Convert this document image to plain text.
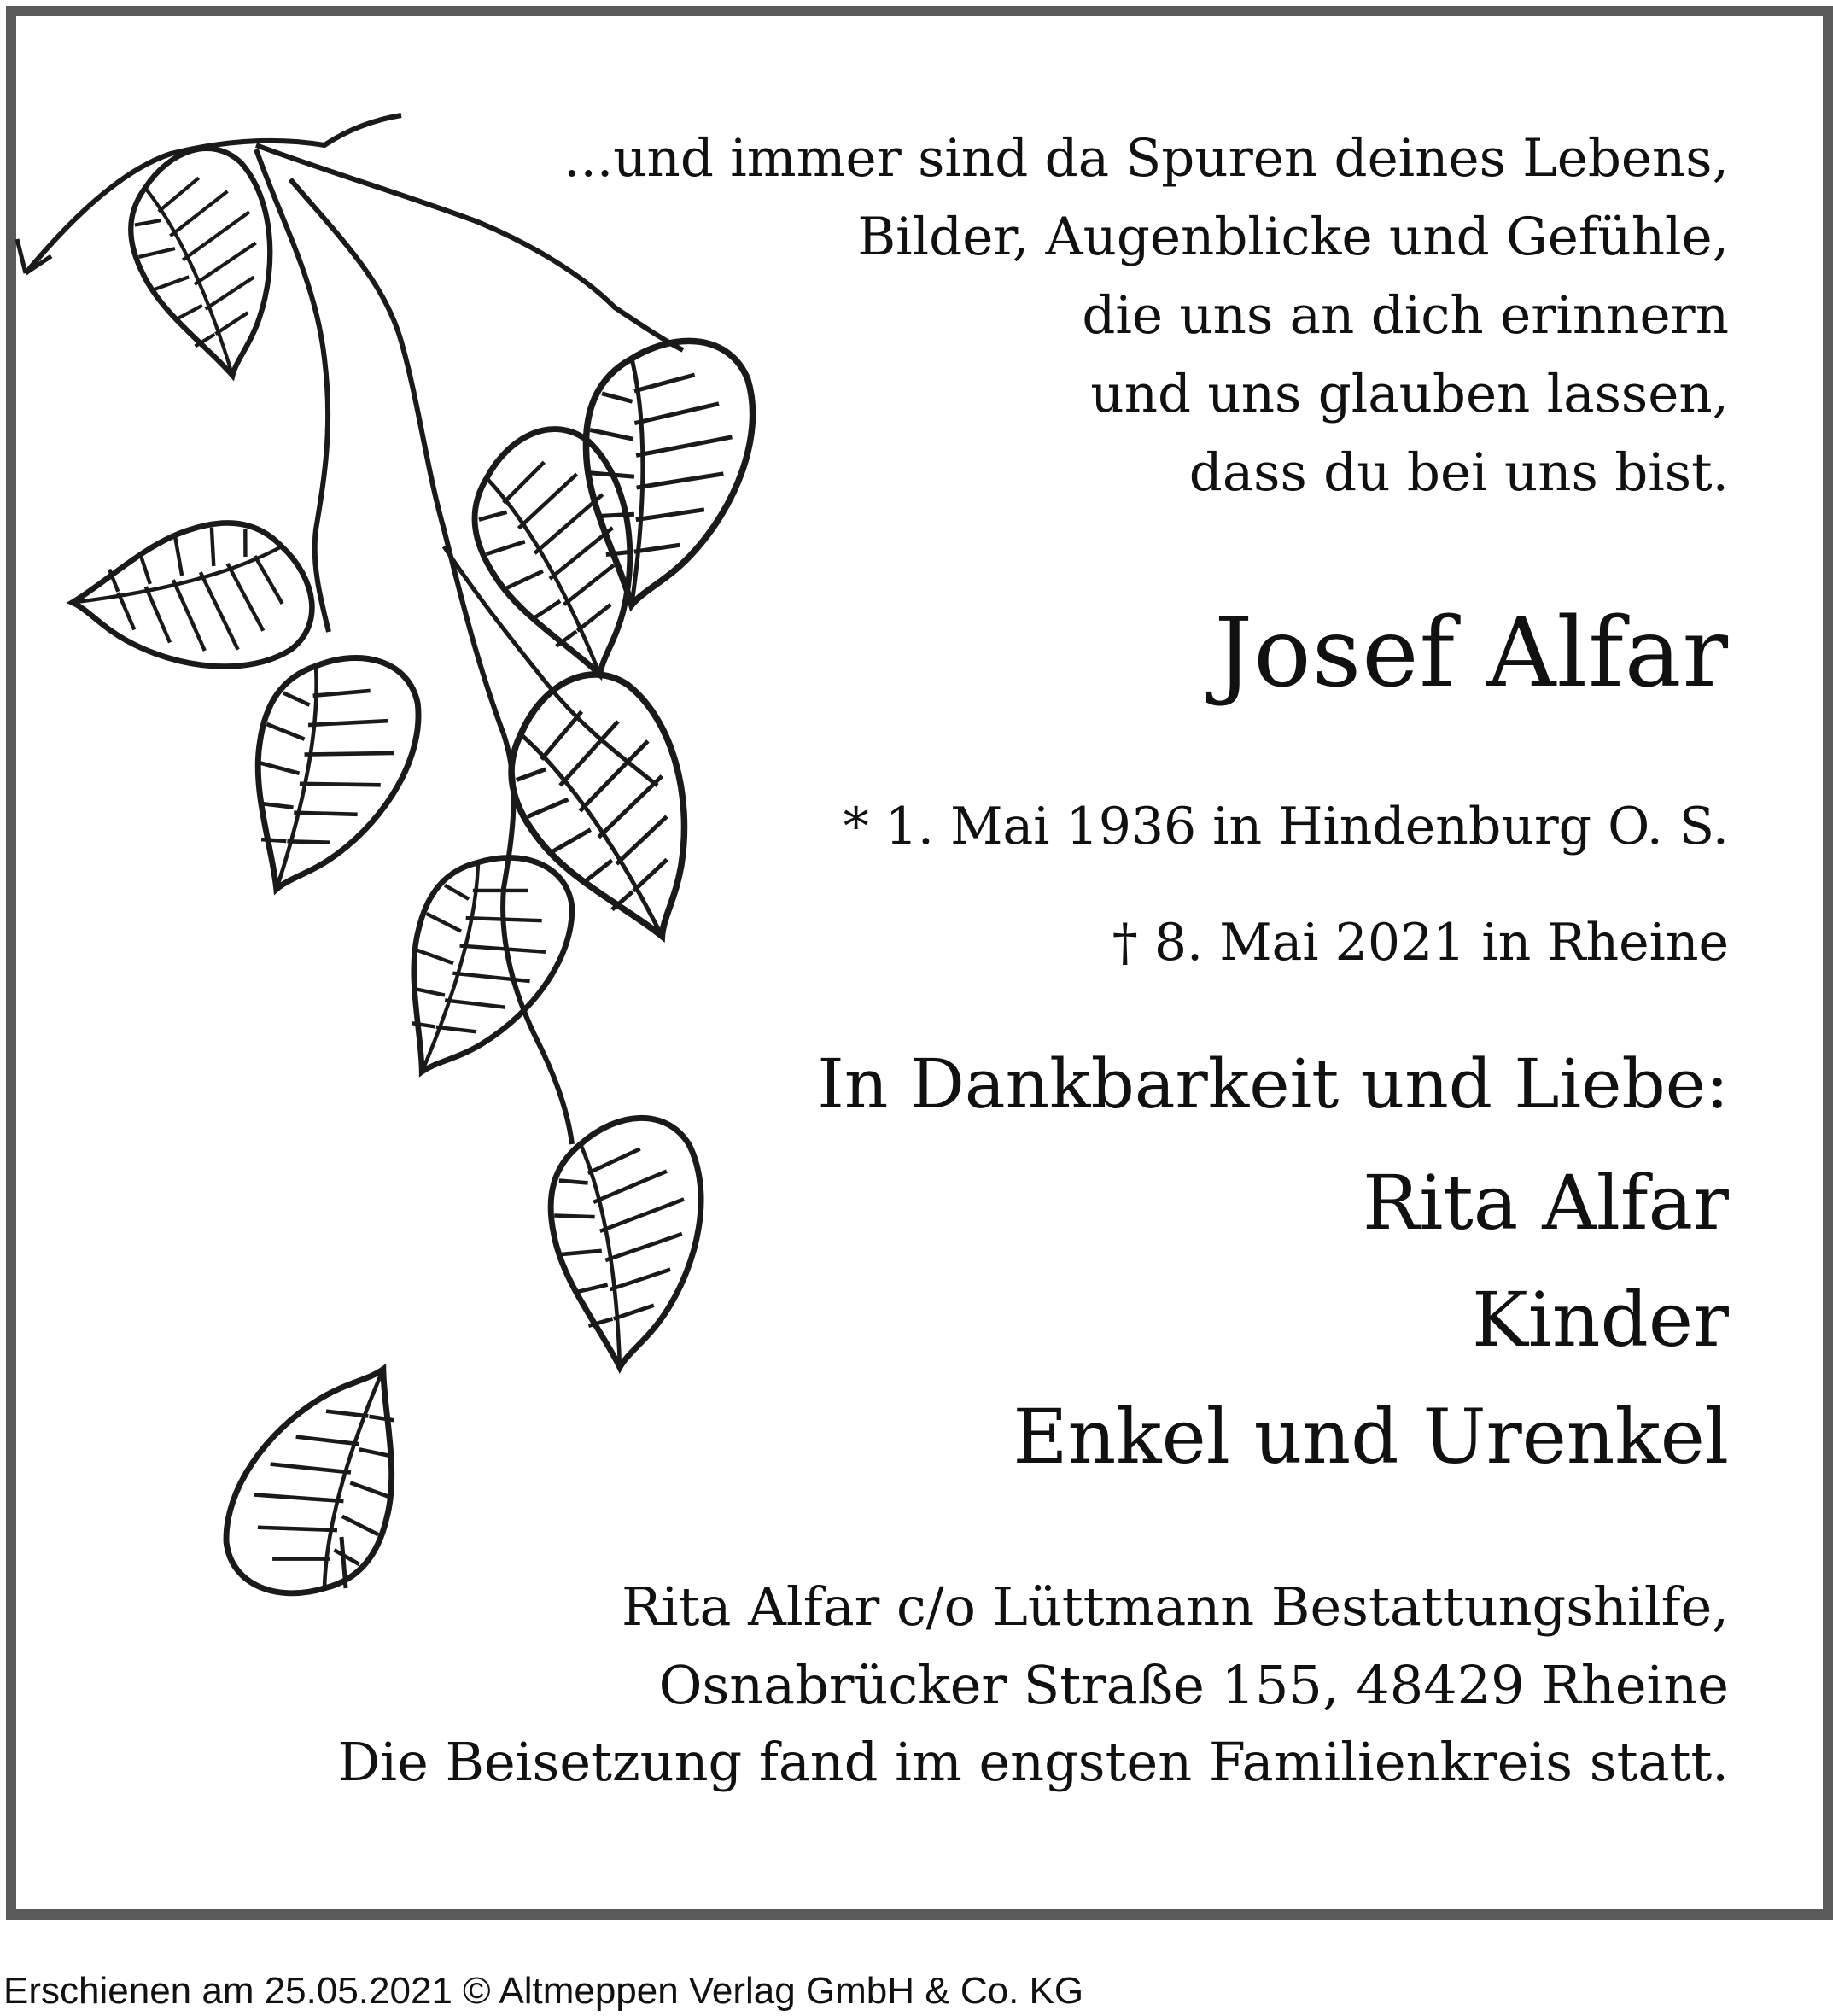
...und immer sind da Spuren deines Lebens,
Bilder, Augenblicke und Gefühle,
die uns an dich erinnern
und uns glauben lassen,
dass du bei uns bist.
Josef Alfar
* 1. Mai 1936 in Hindenburg O. S.
† 8. Mai 2021 in Rheine
In Dankbarkeit und Liebe:
Rita Alfar
Kinder
Enkel und Urenkel
Rita Alfar c/o Lüttmann Bestattungshilfe,
Osnabrücker Straße 155, 48429 Rheine
Die Beisetzung fand im engsten Familienkreis statt.
Erschienen am 25.05.2021 © Altmeppen Verlag GmbH & Co. KG
